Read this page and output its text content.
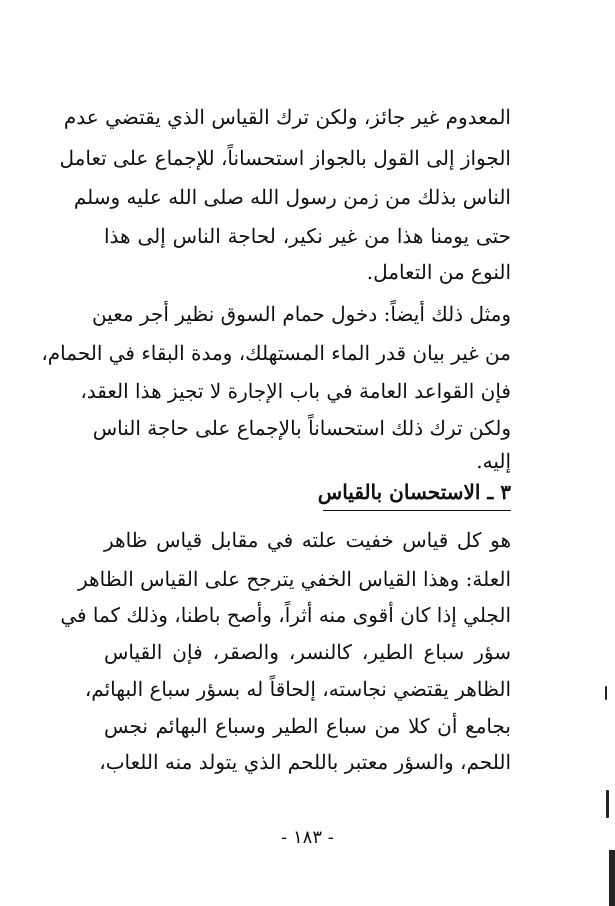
المعدوم غير جائز، ولكن ترك القياس الذي يقتضي عدم
الجواز إلى القول بالجواز استحساناً، للإجماع على تعامل
الناس بذلك من زمن رسول الله صلى الله عليه وسلم
حتى يومنا هذا من غير نكير، لحاجة الناس إلى هذا
النوع من التعامل.
ومثل ذلك أيضاً: دخول حمام السوق نظير أجر معين
من غير بيان قدر الماء المستهلك، ومدة البقاء في الحمام،
فإن القواعد العامة في باب الإجارة لا تجيز هذا العقد،
ولكن ترك ذلك استحساناً بالإجماع على حاجة الناس
إليه.
٣ ـ الاستحسان بالقياس
هو كل قياس خفيت علته في مقابل قياس ظاهر
العلة: وهذا القياس الخفي يترجح على القياس الظاهر
الجلي إذا كان أقوى منه أثراً، وأصح باطنا، وذلك كما في
سؤر سباع الطير، كالنسر، والصقر، فإن القياس
الظاهر يقتضي نجاسته، إلحاقاً له بسؤر سباع البهائم،
بجامع أن كلا من سباع الطير وسباع البهائم نجس
اللحم، والسؤر معتبر باللحم الذي يتولد منه اللعاب،
- ١٨٣ -
